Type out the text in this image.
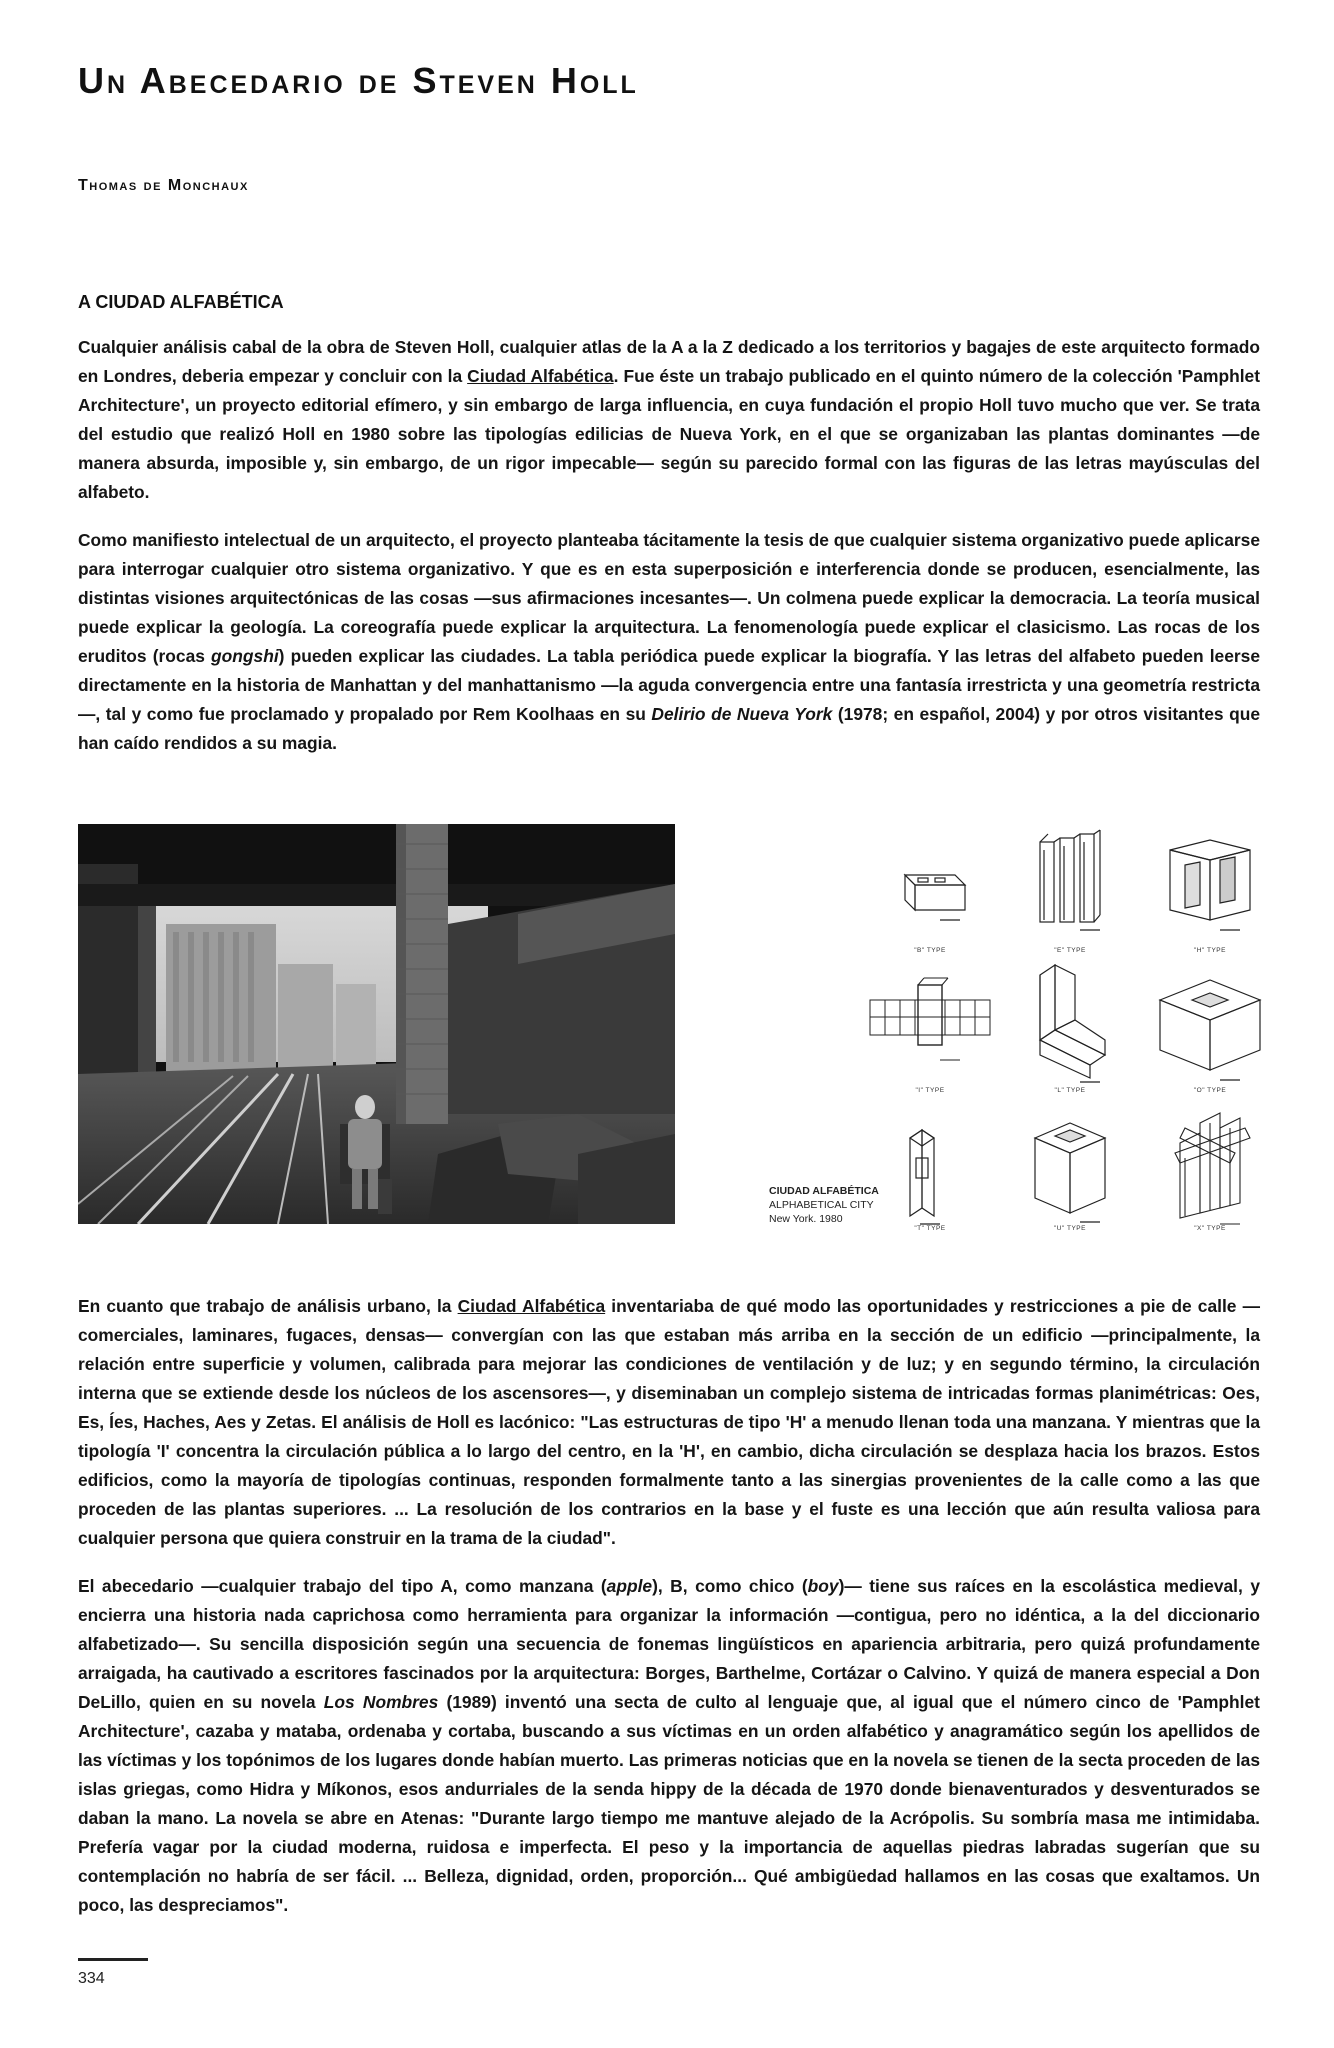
Un Abecedario de Steven Holl
Thomas de Monchaux
A CIUDAD ALFABÉTICA

Cualquier análisis cabal de la obra de Steven Holl, cualquier atlas de la A a la Z dedicado a los territorios y bagajes de este arquitecto formado en Londres, deberia empezar y concluir con la Ciudad Alfabética. Fue éste un trabajo publicado en el quinto número de la colección 'Pamphlet Architecture', un proyecto editorial efímero, y sin embargo de larga influencia, en cuya fundación el propio Holl tuvo mucho que ver. Se trata del estudio que realizó Holl en 1980 sobre las tipologías edilicias de Nueva York, en el que se organizaban las plantas dominantes —de manera absurda, imposible y, sin embargo, de un rigor impecable— según su parecido formal con las figuras de las letras mayúsculas del alfabeto.

Como manifiesto intelectual de un arquitecto, el proyecto planteaba tácitamente la tesis de que cualquier sistema organizativo puede aplicarse para interrogar cualquier otro sistema organizativo. Y que es en esta superposición e interferencia donde se producen, esencialmente, las distintas visiones arquitectónicas de las cosas —sus afirmaciones incesantes—. Un colmena puede explicar la democracia. La teoría musical puede explicar la geología. La coreografía puede explicar la arquitectura. La fenomenología puede explicar el clasicismo. Las rocas de los eruditos (rocas gongshi) pueden explicar las ciudades. La tabla periódica puede explicar la biografía. Y las letras del alfabeto pueden leerse directamente en la historia de Manhattan y del manhattanismo —la aguda convergencia entre una fantasía irrestricta y una geometría restricta—, tal y como fue proclamado y propalado por Rem Koolhaas en su Delirio de Nueva York (1978; en español, 2004) y por otros visitantes que han caído rendidos a su magia.

"B" TYPE	"E" TYPE	"H" TYPE
"I" TYPE	"L" TYPE	"O" TYPE
"T" TYPE	"U" TYPE	"X" TYPE
CIUDAD ALFABÉTICA
ALPHABETICAL CITY
New York. 1980

En cuanto que trabajo de análisis urbano, la Ciudad Alfabética inventariaba de qué modo las oportunidades y restricciones a pie de calle —comerciales, laminares, fugaces, densas— convergían con las que estaban más arriba en la sección de un edificio —principalmente, la relación entre superficie y volumen, calibrada para mejorar las condiciones de ventilación y de luz; y en segundo término, la circulación interna que se extiende desde los núcleos de los ascensores—, y diseminaban un complejo sistema de intricadas formas planimétricas: Oes, Es, Íes, Haches, Aes y Zetas. El análisis de Holl es lacónico: "Las estructuras de tipo 'H' a menudo llenan toda una manzana. Y mientras que la tipología 'I' concentra la circulación pública a lo largo del centro, en la 'H', en cambio, dicha circulación se desplaza hacia los brazos. Estos edificios, como la mayoría de tipologías continuas, responden formalmente tanto a las sinergias provenientes de la calle como a las que proceden de las plantas superiores. ... La resolución de los contrarios en la base y el fuste es una lección que aún resulta valiosa para cualquier persona que quiera construir en la trama de la ciudad".

El abecedario —cualquier trabajo del tipo A, como manzana (apple), B, como chico (boy)— tiene sus raíces en la escolástica medieval, y encierra una historia nada caprichosa como herramienta para organizar la información —contigua, pero no idéntica, a la del diccionario alfabetizado—. Su sencilla disposición según una secuencia de fonemas lingüísticos en apariencia arbitraria, pero quizá profundamente arraigada, ha cautivado a escritores fascinados por la arquitectura: Borges, Barthelme, Cortázar o Calvino. Y quizá de manera especial a Don DeLillo, quien en su novela Los Nombres (1989) inventó una secta de culto al lenguaje que, al igual que el número cinco de 'Pamphlet Architecture', cazaba y mataba, ordenaba y cortaba, buscando a sus víctimas en un orden alfabético y anagramático según los apellidos de las víctimas y los topónimos de los lugares donde habían muerto. Las primeras noticias que en la novela se tienen de la secta proceden de las islas griegas, como Hidra y Míkonos, esos andurriales de la senda hippy de la década de 1970 donde bienaventurados y desventurados se daban la mano. La novela se abre en Atenas: "Durante largo tiempo me mantuve alejado de la Acrópolis. Su sombría masa me intimidaba. Prefería vagar por la ciudad moderna, ruidosa e imperfecta. El peso y la importancia de aquellas piedras labradas sugerían que su contemplación no habría de ser fácil. ... Belleza, dignidad, orden, proporción... Qué ambigüedad hallamos en las cosas que exaltamos. Un poco, las despreciamos".

334
